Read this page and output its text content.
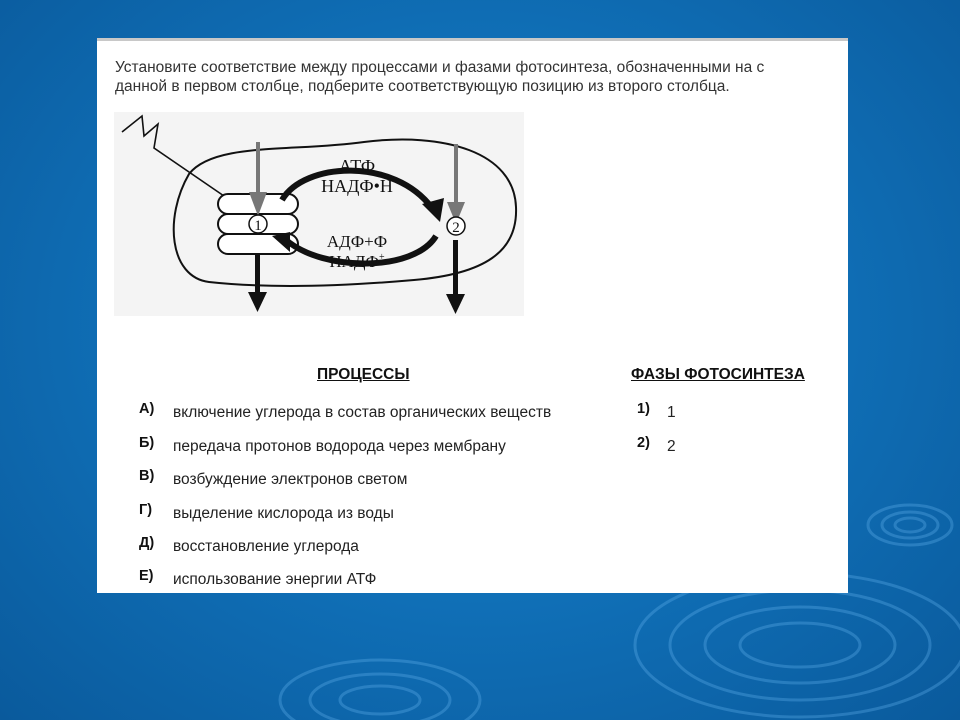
Установите соответствие между процессами и фазами фотосинтеза, обозначенными на с
данной в первом столбце, подберите соответствующую позицию из второго столбца.
1	2
АТФ
НАДФ•Н
АДФ+Ф
НАДФ+
ПРОЦЕССЫ	ФАЗЫ ФОТОСИНТЕЗА
А) включение углерода в состав органических веществ
Б) передача протонов водорода через мембрану
В) возбуждение электронов светом
Г) выделение кислорода из воды
Д) восстановление углерода
Е) использование энергии АТФ
1) 1
2) 2
